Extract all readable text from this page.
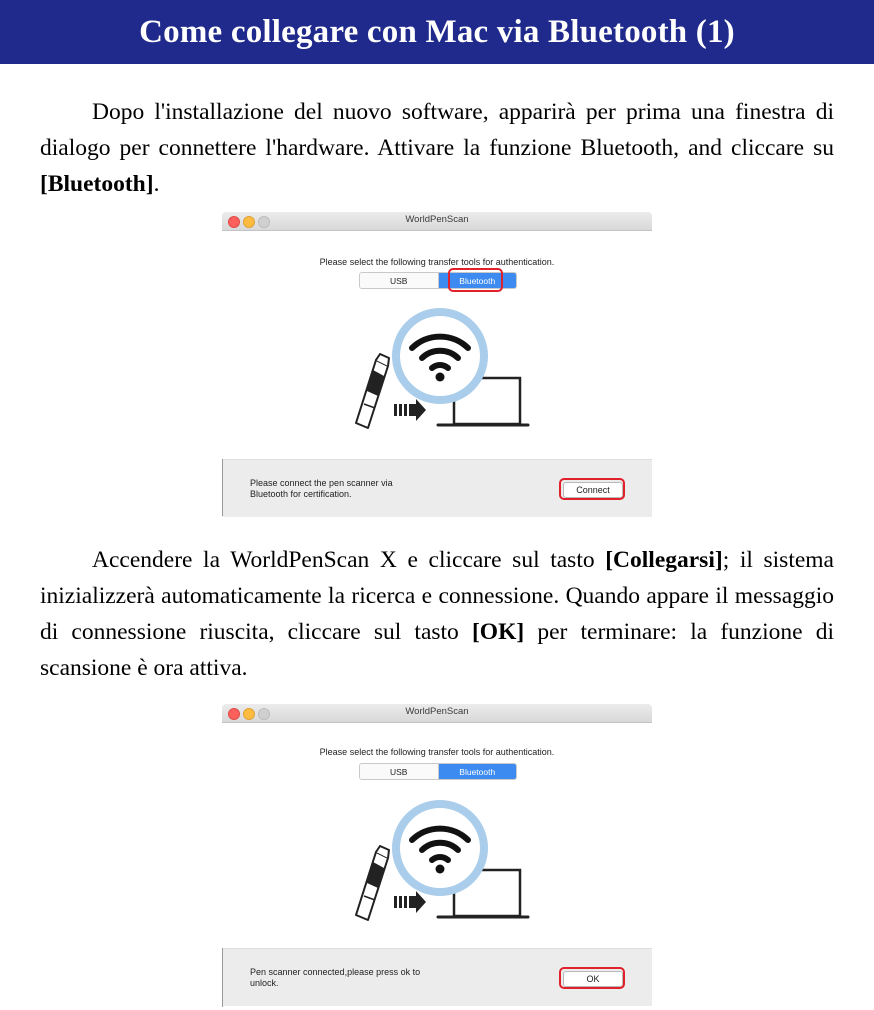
Come collegare con Mac via Bluetooth (1)

Dopo l'installazione del nuovo software, apparirà per prima una finestra di dialogo per connettere l'hardware. Attivare la funzione Bluetooth, and cliccare su [Bluetooth].

WorldPenScan
Please select the following transfer tools for authentication.
USB	Bluetooth
Please connect the pen scanner via Bluetooth for certification.	Connect

Accendere la WorldPenScan X e cliccare sul tasto [Collegarsi]; il sistema inizializzerà automaticamente la ricerca e connessione. Quando appare il messaggio di connessione riuscita, cliccare sul tasto [OK] per terminare: la funzione di scansione è ora attiva.

WorldPenScan
Please select the following transfer tools for authentication.
USB	Bluetooth
Pen scanner connected,please press ok to unlock.	OK
